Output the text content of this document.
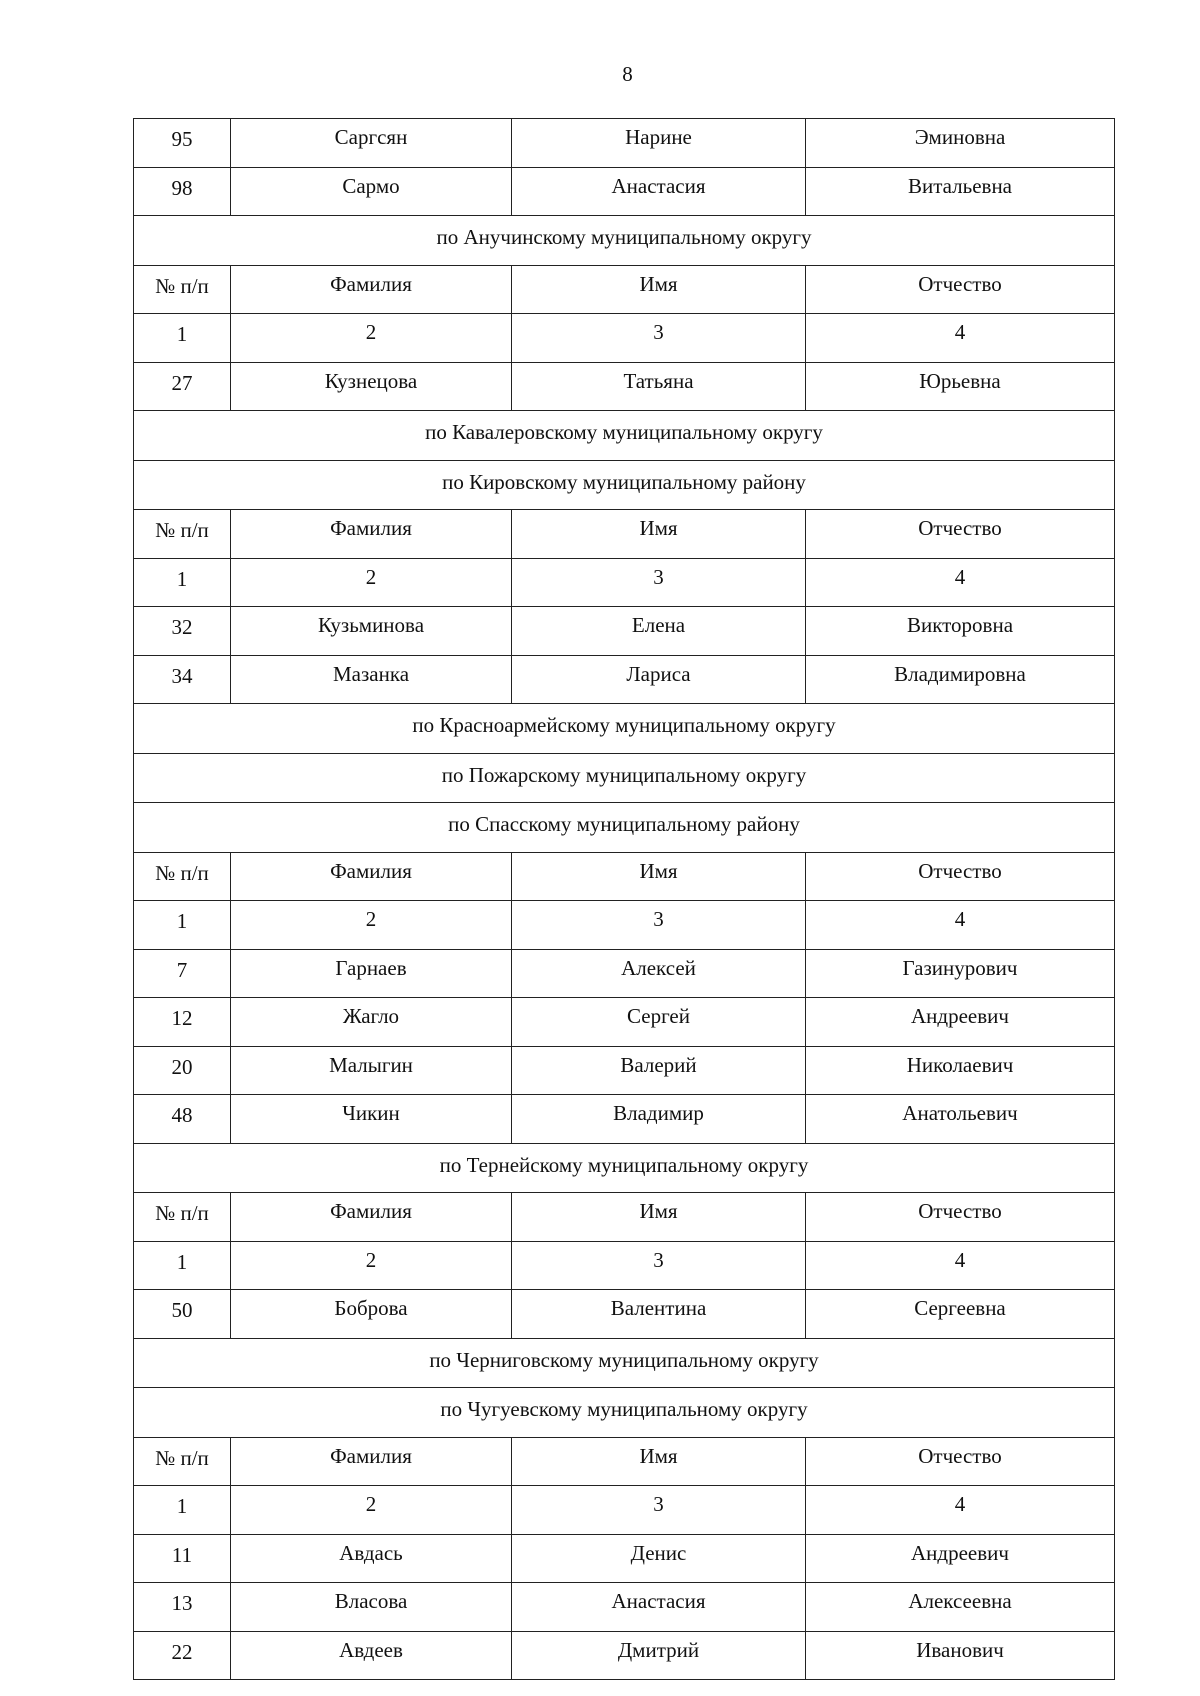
8
95	Саргсян	Нарине	Эминовна
98	Сармо	Анастасия	Витальевна
по Анучинскому муниципальному округу			
№ п/п	Фамилия	Имя	Отчество
1	2	3	4
27	Кузнецова	Татьяна	Юрьевна
по Кавалеровскому муниципальному округу			
по Кировскому муниципальному району			
№ п/п	Фамилия	Имя	Отчество
1	2	3	4
32	Кузьминова	Елена	Викторовна
34	Мазанка	Лариса	Владимировна
по Красноармейскому муниципальному округу			
по Пожарскому муниципальному округу			
по Спасскому муниципальному району			
№ п/п	Фамилия	Имя	Отчество
1	2	3	4
7	Гарнаев	Алексей	Газинурович
12	Жагло	Сергей	Андреевич
20	Малыгин	Валерий	Николаевич
48	Чикин	Владимир	Анатольевич
по Тернейскому муниципальному округу			
№ п/п	Фамилия	Имя	Отчество
1	2	3	4
50	Боброва	Валентина	Сергеевна
по Черниговскому муниципальному округу			
по Чугуевскому муниципальному округу			
№ п/п	Фамилия	Имя	Отчество
1	2	3	4
11	Авдась	Денис	Андреевич
13	Власова	Анастасия	Алексеевна
22	Авдеев	Дмитрий	Иванович
